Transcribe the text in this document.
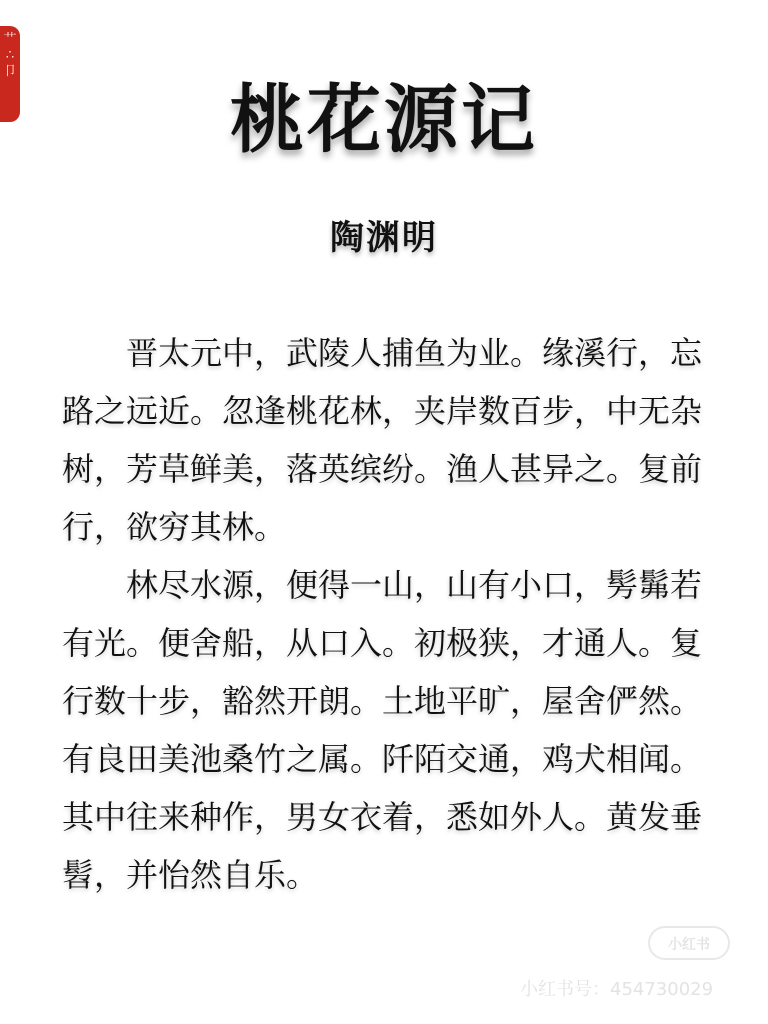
⺾
∴
卩
桃花源记
陶渊明

晋太元中，武陵人捕鱼为业。缘溪行，忘路之远近。忽逢桃花林，夹岸数百步，中无杂树，芳草鲜美，落英缤纷。渔人甚异之。复前行，欲穷其林。

林尽水源，便得一山，山有小口，髣髴若有光。便舍船，从口入。初极狭，才通人。复行数十步，豁然开朗。土地平旷，屋舍俨然。有良田美池桑竹之属。阡陌交通，鸡犬相闻。其中往来种作，男女衣着，悉如外人。黄发垂髫，并怡然自乐。

小红书
小红书号：454730029
